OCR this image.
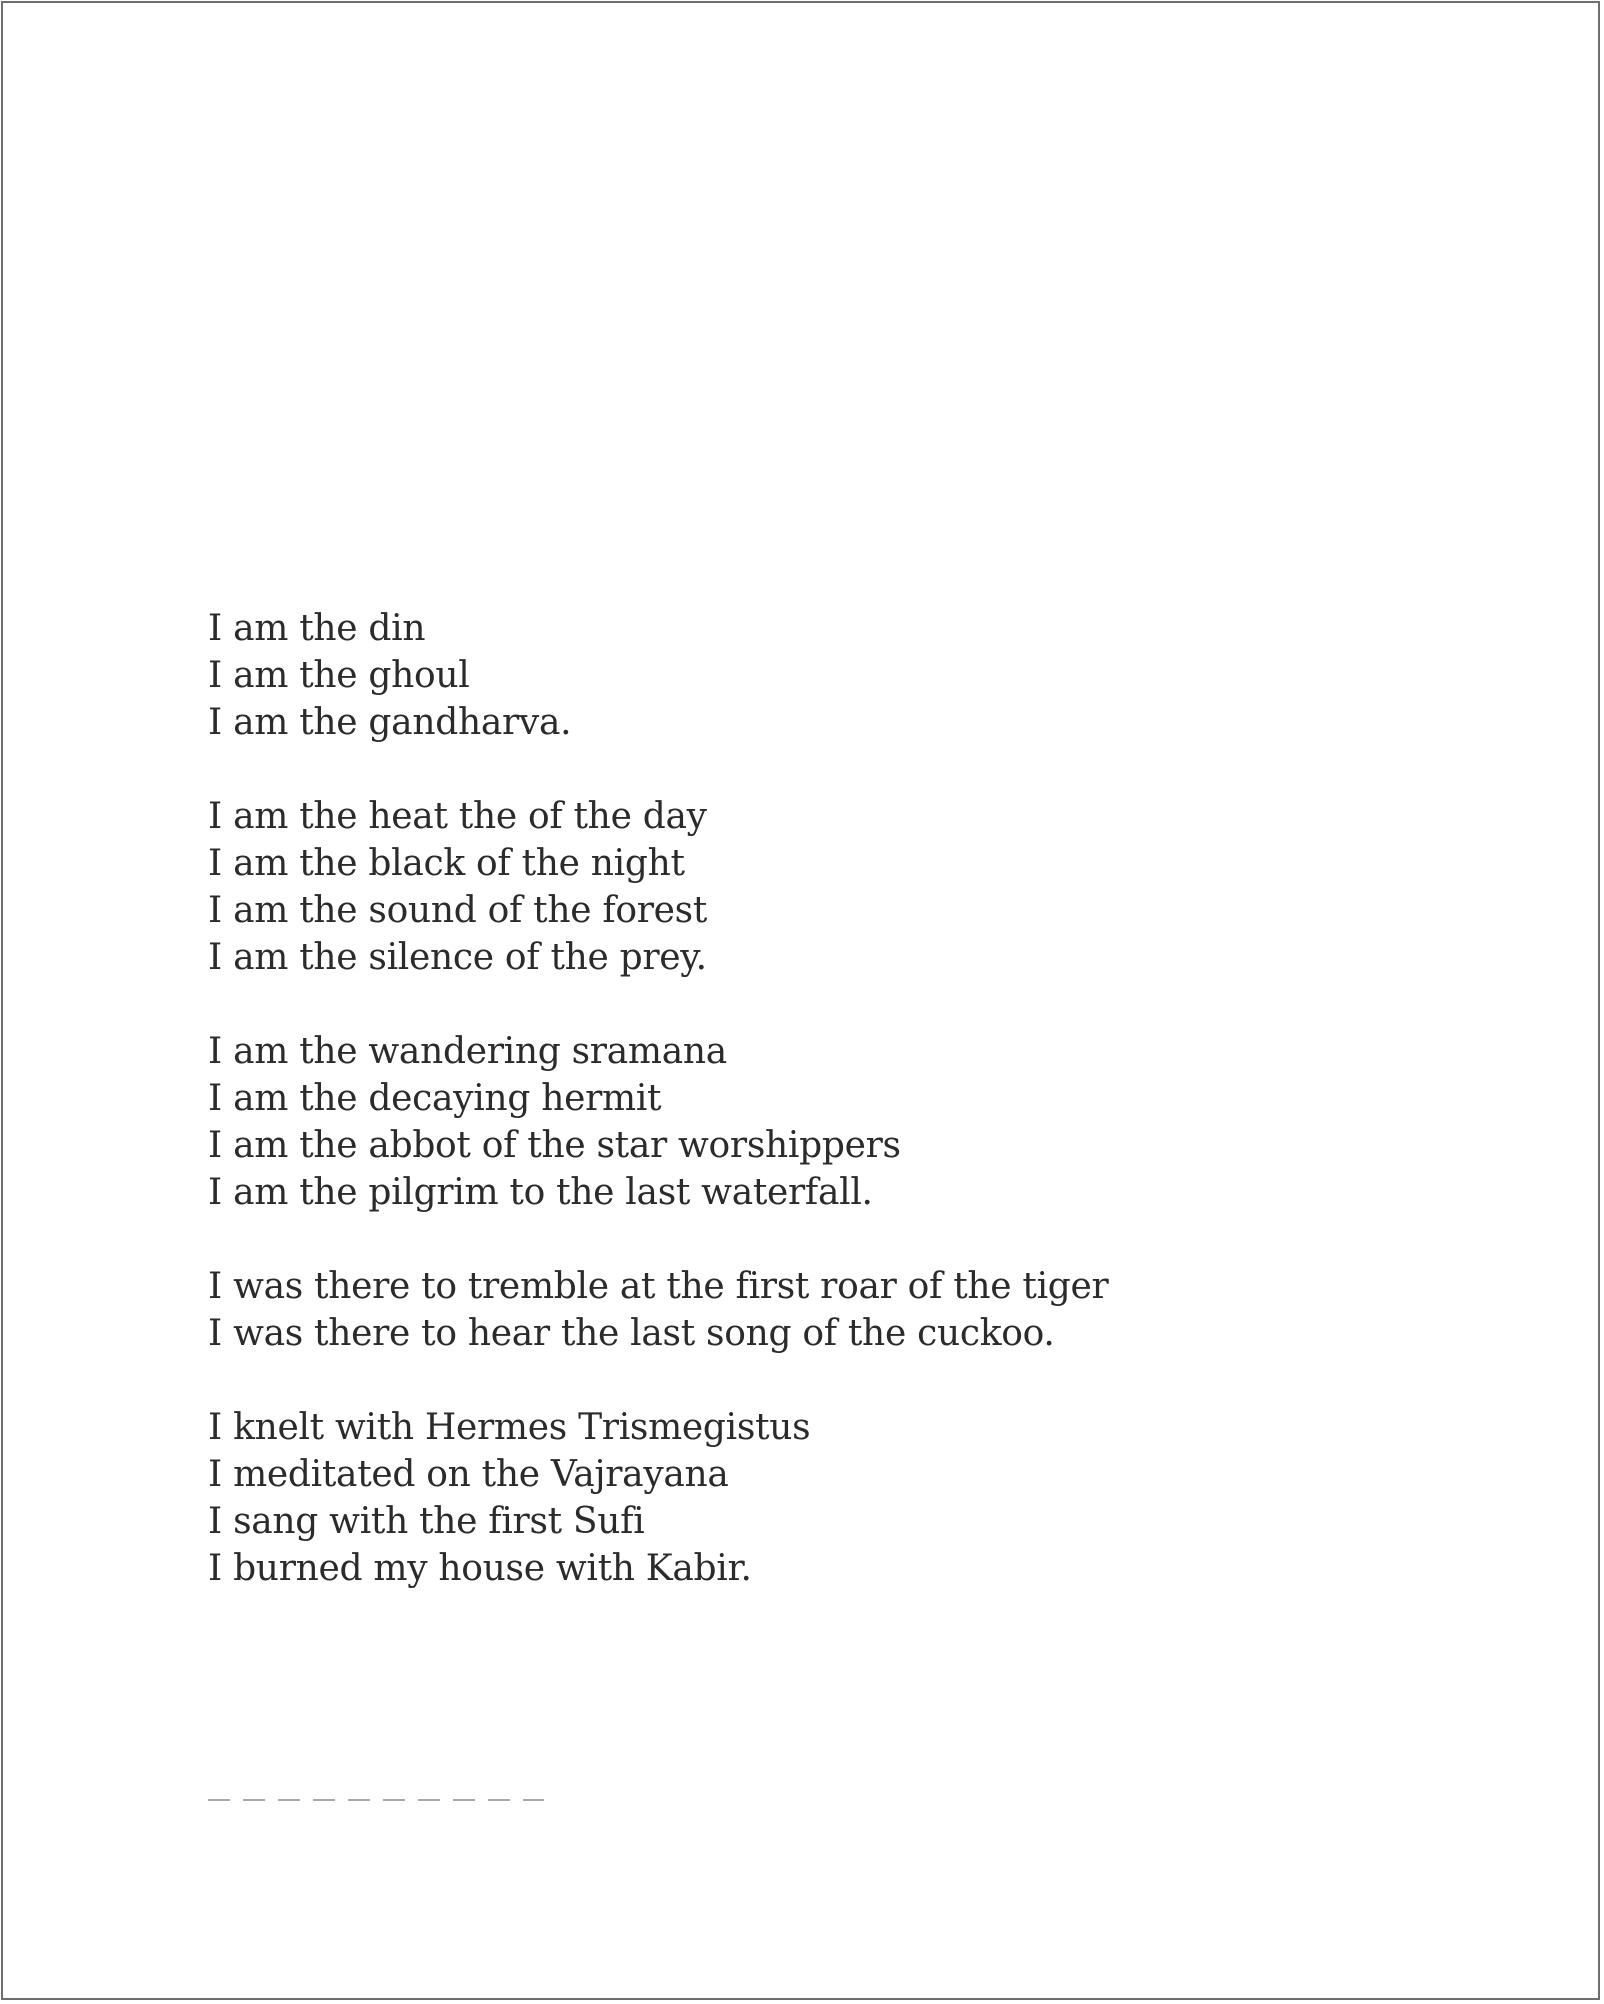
I am the din
I am the ghoul
I am the gandharva.
I am the heat the of the day
I am the black of the night
I am the sound of the forest
I am the silence of the prey.
I am the wandering sramana
I am the decaying hermit
I am the abbot of the star worshippers
I am the pilgrim to the last waterfall.
I was there to tremble at the first roar of the tiger
I was there to hear the last song of the cuckoo.
I knelt with Hermes Trismegistus
I meditated on the Vajrayana
I sang with the first Sufi
I burned my house with Kabir.
